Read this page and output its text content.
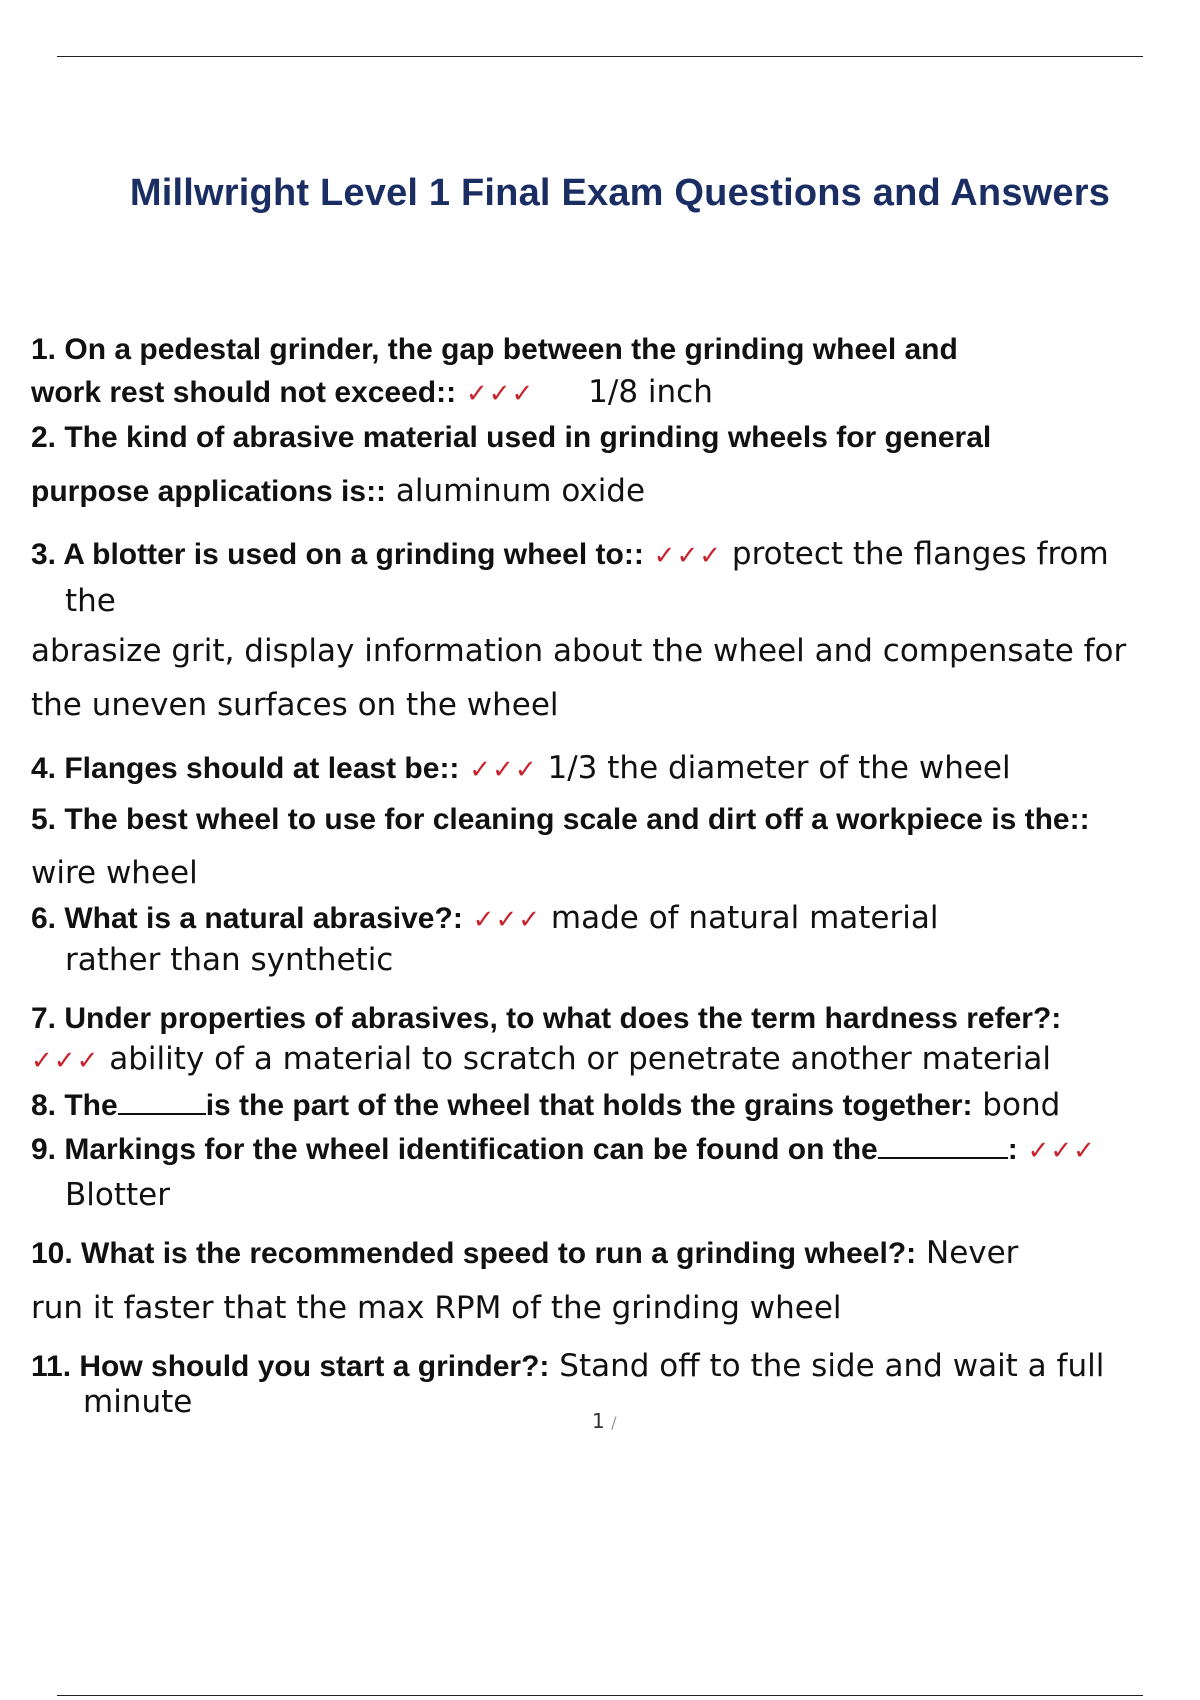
Millwright Level 1 Final Exam Questions and Answers
1. On a pedestal grinder, the gap between the grinding wheel and
work rest should not exceed:: ✓✓✓ 1/8 inch
2. The kind of abrasive material used in grinding wheels for general
purpose applications is:: aluminum oxide
3. A blotter is used on a grinding wheel to:: ✓✓✓ protect the flanges from
the
abrasize grit, display information about the wheel and compensate for
the uneven surfaces on the wheel
4. Flanges should at least be:: ✓✓✓ 1/3 the diameter of the wheel
5. The best wheel to use for cleaning scale and dirt off a workpiece is the::
wire wheel
6. What is a natural abrasive?: ✓✓✓ made of natural material
rather than synthetic
7. Under properties of abrasives, to what does the term hardness refer?:
✓✓✓ ability of a material to scratch or penetrate another material
8. The	is the part of the wheel that holds the grains together: bond
9. Markings for the wheel identification can be found on the	: ✓✓✓
Blotter
10. What is the recommended speed to run a grinding wheel?: Never
run it faster that the max RPM of the grinding wheel
11. How should you start a grinder?: Stand off to the side and wait a full
minute
1 /
